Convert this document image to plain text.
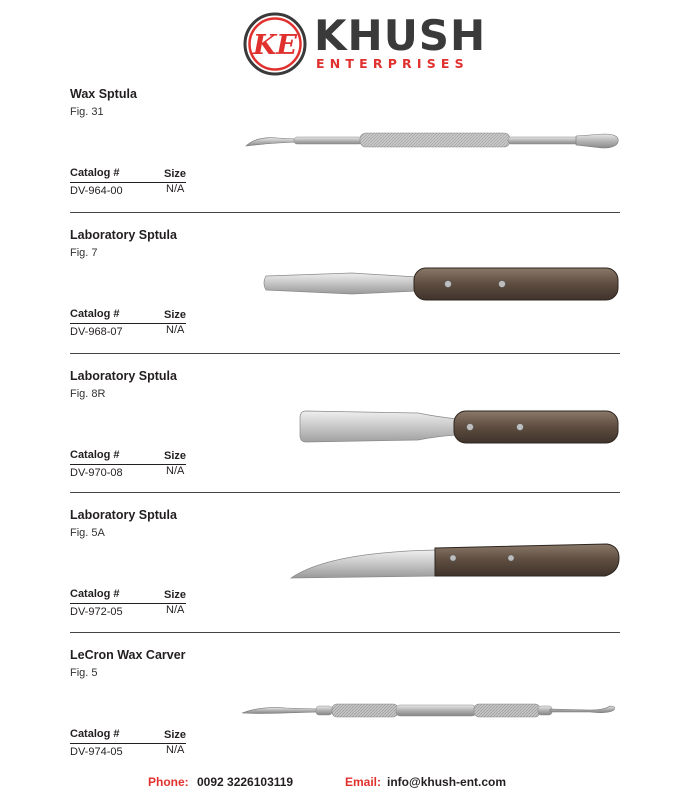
KE KHUSH
ENTERPRISES
Wax Sptula
Fig. 31
Catalog #	Size
DV-964-00	N/A
Laboratory Sptula
Fig. 7
Catalog #	Size
DV-968-07	N/A
Laboratory Sptula
Fig. 8R
Catalog #	Size
DV-970-08	N/A
Laboratory Sptula
Fig. 5A
Catalog #	Size
DV-972-05	N/A
LeCron Wax Carver
Fig. 5
Catalog #	Size
DV-974-05	N/A
Phone: 0092 3226103119	Email: info@khush-ent.com
